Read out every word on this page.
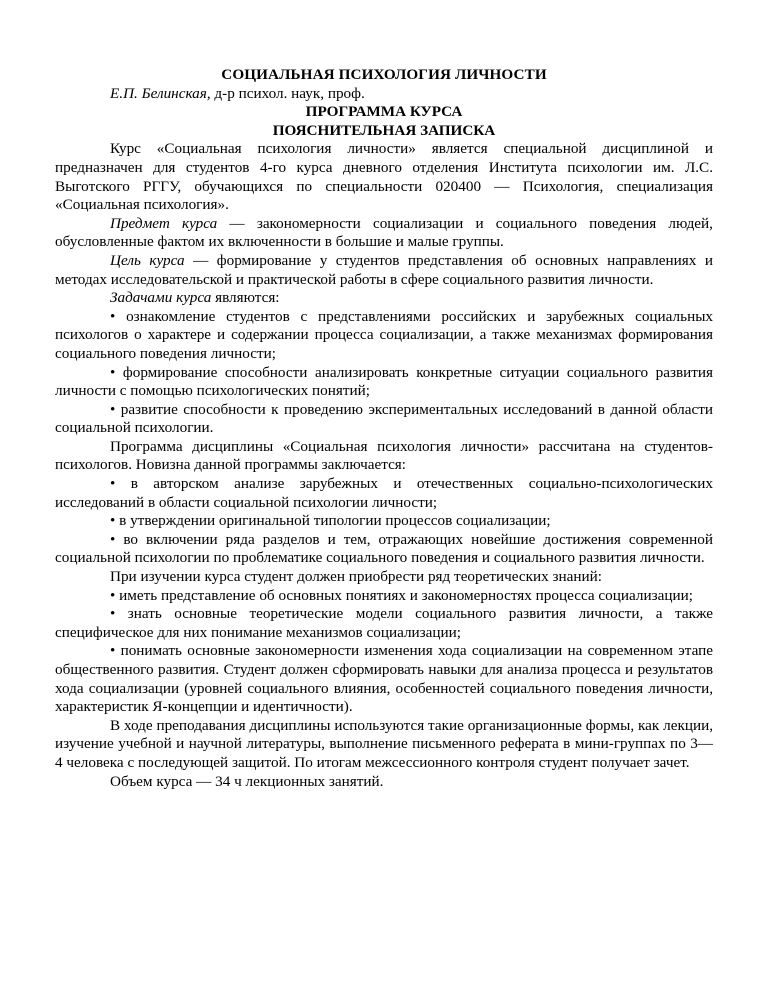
СОЦИАЛЬНАЯ ПСИХОЛОГИЯ ЛИЧНОСТИ
Е.П. Белинская, д-р психол. наук, проф.
ПРОГРАММА КУРСА
ПОЯСНИТЕЛЬНАЯ ЗАПИСКА

Курс «Социальная психология личности» является специальной дисциплиной и предназначен для студентов 4-го курса дневного отделения Института психологии им. Л.С. Выготского РГГУ, обучающихся по специальности 020400 — Психология, специализация «Социальная психология».

Предмет курса — закономерности социализации и социального поведения людей, обусловленные фактом их включенности в большие и малые группы.

Цель курса — формирование у студентов представления об основных направлениях и методах исследовательской и практической работы в сфере социального развития личности.

Задачами курса являются:

• ознакомление студентов с представлениями российских и зарубежных социальных психологов о характере и содержании процесса социализации, а также механизмах формирования социального поведения личности;

• формирование способности анализировать конкретные ситуации социального развития личности с помощью психологических понятий;

• развитие способности к проведению экспериментальных исследований в данной области социальной психологии.

Программа дисциплины «Социальная психология личности» рассчитана на студентов-психологов. Новизна данной программы заключается:

• в авторском анализе зарубежных и отечественных социально-психологических исследований в области социальной психологии личности;

• в утверждении оригинальной типологии процессов социализации;

• во включении ряда разделов и тем, отражающих новейшие достижения современной социальной психологии по проблематике социального поведения и социального развития личности.

При изучении курса студент должен приобрести ряд теоретических знаний:

• иметь представление об основных понятиях и закономерностях процесса социализации;

• знать основные теоретические модели социального развития личности, а также специфическое для них понимание механизмов социализации;

• понимать основные закономерности изменения хода социализации на современном этапе общественного развития. Студент должен сформировать навыки для анализа процесса и результатов хода социализации (уровней социального влияния, особенностей социального поведения личности, характеристик Я-концепции и идентичности).

В ходе преподавания дисциплины используются такие организационные формы, как лекции, изучение учебной и научной литературы, выполнение письменного реферата в мини-группах по 3—4 человека с последующей защитой. По итогам межсессионного контроля студент получает зачет.

Объем курса — 34 ч лекционных занятий.
